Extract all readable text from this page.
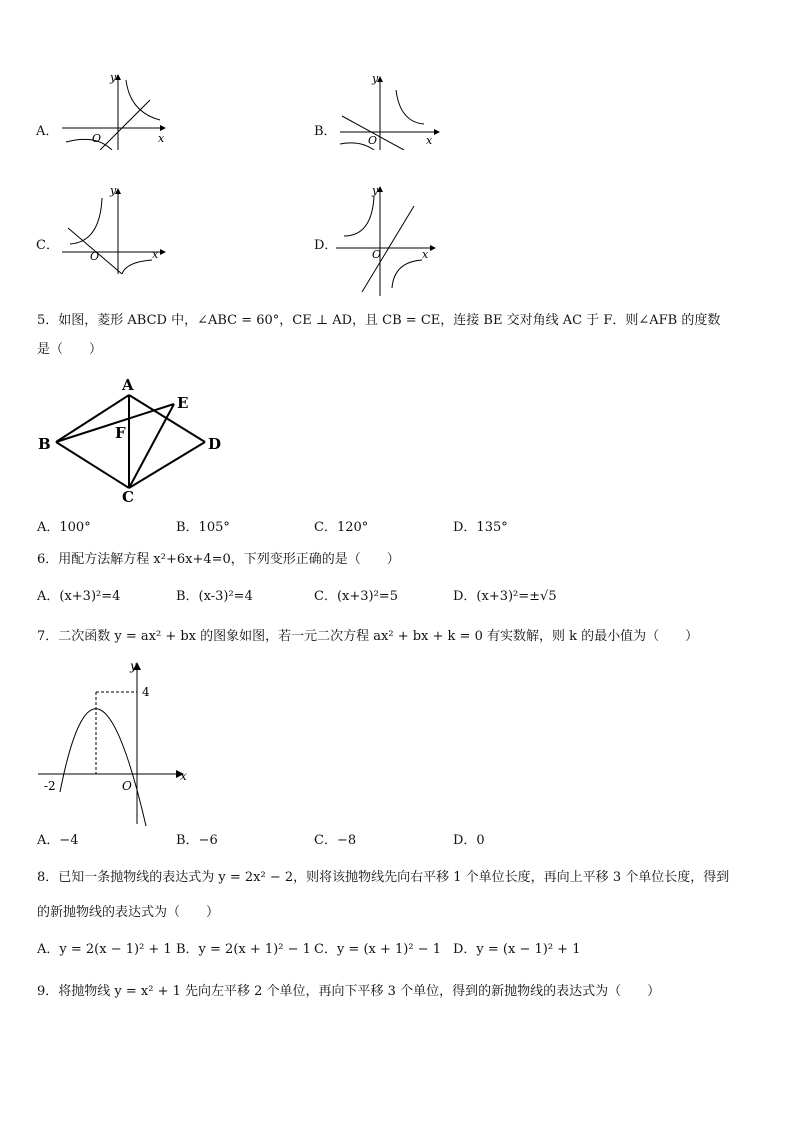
A．
y
x
O	B．
y
x
O
C．
y
x
O
D．
y
x
O
5．如图，菱形 ABCD 中，∠ABC = 60°，CE ⊥ AD，且 CB = CE，连接 BE 交对角线 AC 于 F．则∠AFB 的度数
是（　　）
A
B
C
D
E
F
A．100°	B．105°	C．120°	D．135°
6．用配方法解方程 x²+6x+4=0，下列变形正确的是（　　）
A．(x+3)²=4	B．(x-3)²=4	C．(x+3)²=5	D．(x+3)²=±√5
7．二次函数 y = ax² + bx 的图象如图，若一元二次方程 ax² + bx + k = 0 有实数解，则 k 的最小值为（　　）
y
x
O
4
-2
A．−4	B．−6	C．−8	D．0
8．已知一条抛物线的表达式为 y = 2x² − 2，则将该抛物线先向右平移 1 个单位长度，再向上平移 3 个单位长度，得到
的新抛物线的表达式为（　　）
A．y = 2(x − 1)² + 1 B．y = 2(x + 1)² − 1 C．y = (x + 1)² − 1 D．y = (x − 1)² + 1
9．将抛物线 y = x² + 1 先向左平移 2 个单位，再向下平移 3 个单位，得到的新抛物线的表达式为（　　）
